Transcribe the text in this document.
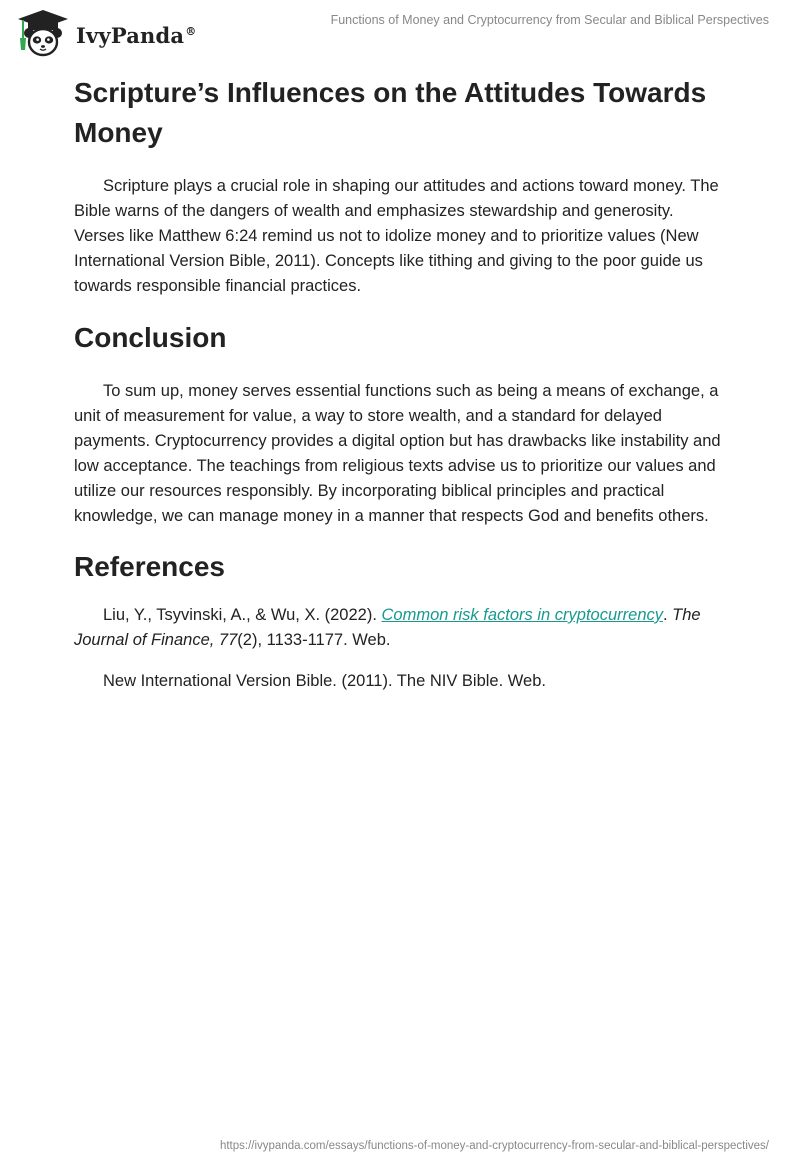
IvyPanda®
Functions of Money and Cryptocurrency from Secular and Biblical Perspectives
Scripture’s Influences on the Attitudes Towards Money

Scripture plays a crucial role in shaping our attitudes and actions toward money. The Bible warns of the dangers of wealth and emphasizes stewardship and generosity. Verses like Matthew 6:24 remind us not to idolize money and to prioritize values (New International Version Bible, 2011). Concepts like tithing and giving to the poor guide us towards responsible financial practices.

Conclusion

To sum up, money serves essential functions such as being a means of exchange, a unit of measurement for value, a way to store wealth, and a standard for delayed payments. Cryptocurrency provides a digital option but has drawbacks like instability and low acceptance. The teachings from religious texts advise us to prioritize our values and utilize our resources responsibly. By incorporating biblical principles and practical knowledge, we can manage money in a manner that respects God and benefits others.

References

Liu, Y., Tsyvinski, A., & Wu, X. (2022). Common risk factors in cryptocurrency. The Journal of Finance, 77(2), 1133-1177. Web.

New International Version Bible. (2011). The NIV Bible. Web.

https://ivypanda.com/essays/functions-of-money-and-cryptocurrency-from-secular-and-biblical-perspectives/
